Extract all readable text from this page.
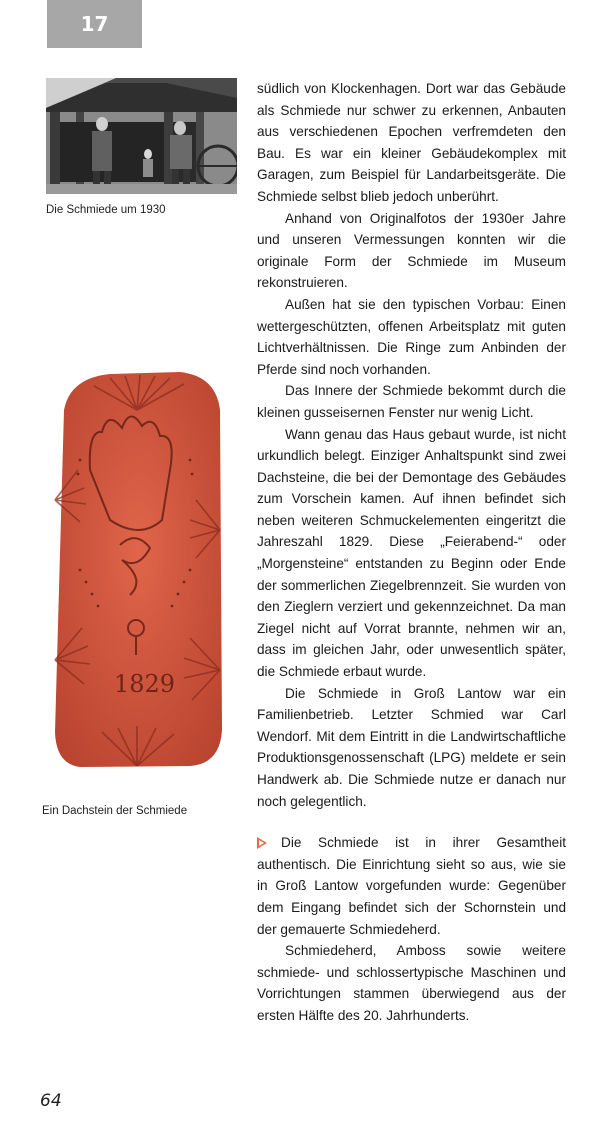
17
Die Schmiede um 1930
1829
Ein Dachstein der Schmiede

südlich von Klockenhagen. Dort war das Gebäude als Schmiede nur schwer zu erkennen, Anbauten aus verschiedenen Epochen verfremdeten den Bau. Es war ein kleiner Gebäudekomplex mit Garagen, zum Beispiel für Landarbeitsgeräte. Die Schmiede selbst blieb jedoch unberührt.

Anhand von Originalfotos der 1930er Jahre und unseren Vermessungen konnten wir die originale Form der Schmiede im Museum rekonstruieren.

Außen hat sie den typischen Vorbau: Einen wettergeschützten, offenen Arbeitsplatz mit guten Lichtverhältnissen. Die Ringe zum Anbinden der Pferde sind noch vorhanden.

Das Innere der Schmiede bekommt durch die kleinen gusseisernen Fenster nur wenig Licht.

Wann genau das Haus gebaut wurde, ist nicht urkundlich belegt. Einziger Anhaltspunkt sind zwei Dachsteine, die bei der Demontage des Gebäudes zum Vorschein kamen. Auf ihnen befindet sich neben weiteren Schmuckelementen eingeritzt die Jahreszahl 1829. Diese „Feierabend-“ oder „Morgensteine“ entstanden zu Beginn oder Ende der sommerlichen Ziegelbrennzeit. Sie wurden von den Zieglern verziert und gekennzeichnet. Da man Ziegel nicht auf Vorrat brannte, nehmen wir an, dass im gleichen Jahr, oder unwesentlich später, die Schmiede erbaut wurde.

Die Schmiede in Groß Lantow war ein Familienbetrieb. Letzter Schmied war Carl Wendorf. Mit dem Eintritt in die Landwirtschaftliche Produktionsgenossenschaft (LPG) meldete er sein Handwerk ab. Die Schmiede nutze er danach nur noch gelegentlich.

Die Schmiede ist in ihrer Gesamtheit authentisch. Die Einrichtung sieht so aus, wie sie in Groß Lantow vorgefunden wurde: Gegenüber dem Eingang befindet sich der Schornstein und der gemauerte Schmiedeherd.

Schmiedeherd, Amboss sowie weitere schmiede- und schlossertypische Maschinen und Vorrichtungen stammen überwiegend aus der ersten Hälfte des 20. Jahrhunderts.

64
